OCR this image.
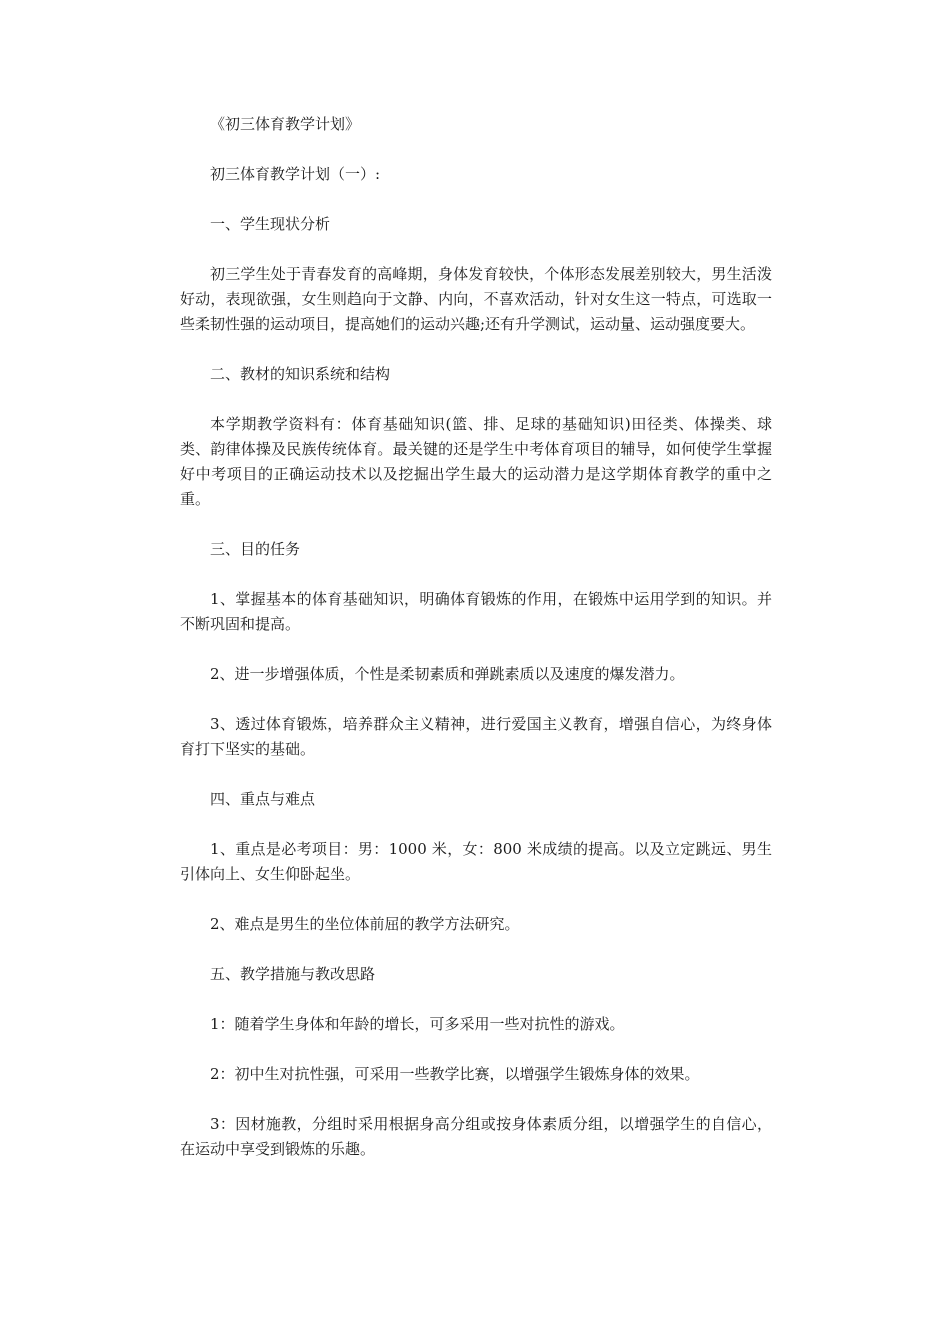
《初三体育教学计划》

初三体育教学计划（一）:

一、学生现状分析

初三学生处于青春发育的高峰期，身体发育较快，个体形态发展差别较大，男生活泼好动，表现欲强，女生则趋向于文静、内向，不喜欢活动，针对女生这一特点，可选取一些柔韧性强的运动项目，提高她们的运动兴趣;还有升学测试，运动量、运动强度要大。

二、教材的知识系统和结构

本学期教学资料有：体育基础知识(篮、排、足球的基础知识)田径类、体操类、球类、韵律体操及民族传统体育。最关键的还是学生中考体育项目的辅导，如何使学生掌握好中考项目的正确运动技术以及挖掘出学生最大的运动潜力是这学期体育教学的重中之重。

三、目的任务

1、掌握基本的体育基础知识，明确体育锻炼的作用，在锻炼中运用学到的知识。并不断巩固和提高。

2、进一步增强体质，个性是柔韧素质和弹跳素质以及速度的爆发潜力。

3、透过体育锻炼，培养群众主义精神，进行爱国主义教育，增强自信心，为终身体育打下坚实的基础。

四、重点与难点

1、重点是必考项目：男：1000 米，女：800 米成绩的提高。以及立定跳远、男生引体向上、女生仰卧起坐。

2、难点是男生的坐位体前屈的教学方法研究。

五、教学措施与教改思路

1：随着学生身体和年龄的增长，可多采用一些对抗性的游戏。

2：初中生对抗性强，可采用一些教学比赛，以增强学生锻炼身体的效果。

3：因材施教，分组时采用根据身高分组或按身体素质分组，以增强学生的自信心，在运动中享受到锻炼的乐趣。
